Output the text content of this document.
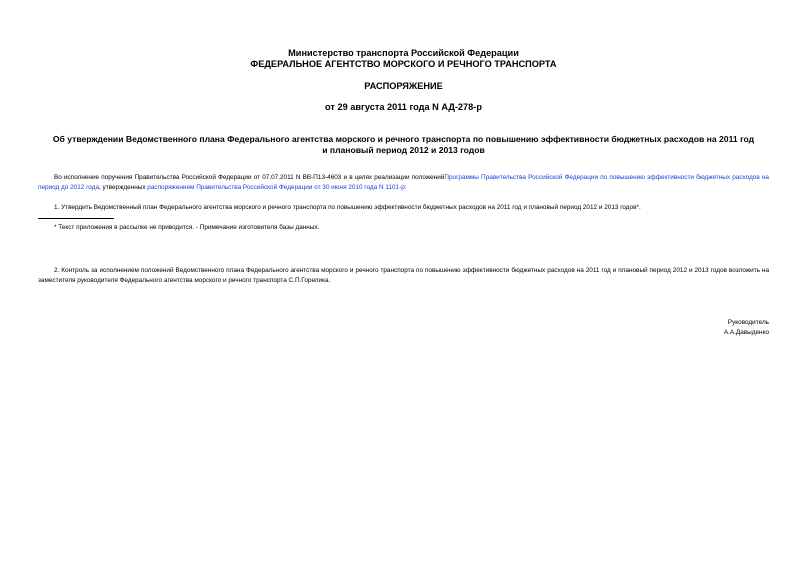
Министерство транспорта Российской Федерации
ФЕДЕРАЛЬНОЕ АГЕНТСТВО МОРСКОГО И РЕЧНОГО ТРАНСПОРТА
РАСПОРЯЖЕНИЕ
от 29 августа 2011 года N АД-278-р
Об утверждении Ведомственного плана Федерального агентства морского и речного транспорта по повышению эффективности бюджетных расходов на 2011 год
и плановый период 2012 и 2013 годов
Во исполнение поручения Правительства Российской Федерации от 07.07.2011 N ВВ-П13-4603 и в целях реализации положенийПрограммы Правительства Российской Федерации по повышению эффективности бюджетных расходов на период до 2012 года, утвержденных распоряжением Правительства Российской Федерации от 30 июня 2010 года N 1101-р:
1. Утвердить Ведомственный план Федерального агентства морского и речного транспорта по повышению эффективности бюджетных расходов на 2011 год и плановый период 2012 и 2013 годов*.
* Текст приложения в рассылке не приводится. - Примечание изготовителя базы данных.
2. Контроль за исполнением положений Ведомственного плана Федерального агентства морского и речного транспорта по повышению эффективности бюджетных расходов на 2011 год и плановый период 2012 и 2013 годов возложить на заместителя руководителя Федерального агентства морского и речного транспорта С.П.Горелика.
Руководитель
А.А.Давыденко
